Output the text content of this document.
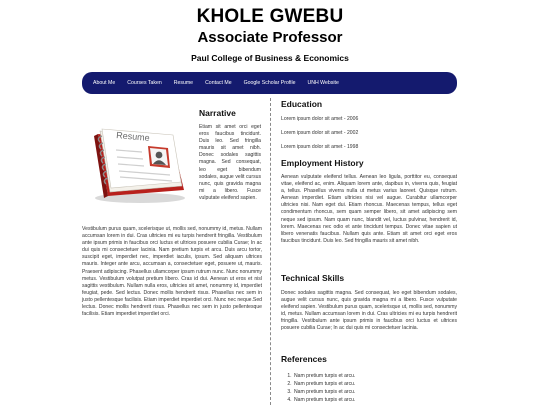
KHOLE GWEBU
Associate Professor
Paul College of Business & Economics
About Me	Courses Taken	Resume	Contact Me	Google Scholar Profile	UNH Website
Narrative
Resume
Etiam sit amet orci eget eros faucibus tincidunt. Duis leo. Sed fringilla mauris sit amet nibh. Donec sodales sagittis magna. Sed consequat, leo eget bibendum sodales, augue velit cursus nunc, quis gravida magna mi a libero. Fusce vulputate eleifend sapien.
Vestibulum purus quam, scelerisque ut, mollis sed, nonummy id, metus. Nullam accumsan lorem in dui. Cras ultricies mi eu turpis hendrerit fringilla. Vestibulum ante ipsum primis in faucibus orci luctus et ultrices posuere cubilia Curae; In ac dui quis mi consectetuer lacinia. Nam pretium turpis et arcu. Duis arcu tortor, suscipit eget, imperdiet nec, imperdiet iaculis, ipsum. Sed aliquam ultrices mauris. Integer ante arcu, accumsan a, consectetuer eget, posuere ut, mauris. Praesent adipiscing. Phasellus ullamcorper ipsum rutrum nunc. Nunc nonummy metus. Vestibulum volutpat pretium libero. Cras id dui. Aenean ut eros et nisl sagittis vestibulum. Nullam nulla eros, ultricies sit amet, nonummy id, imperdiet feugiat, pede. Sed lectus. Donec mollis hendrerit risus. Phasellus nec sem in justo pellentesque facilisis. Etiam imperdiet imperdiet orci. Nunc nec neque.Sed lectus. Donec mollis hendrerit risus. Phasellus nec sem in justo pellentesque facilisis. Etiam imperdiet imperdiet orci.
Education
Lorem ipsum dolor sit amet - 2006
Lorem ipsum dolor sit amet - 2002
Lorem ipsum dolor sit amet - 1998
Employment History
Aenean vulputate eleifend tellus. Aenean leo ligula, porttitor eu, consequat vitae, eleifend ac, enim. Aliquam lorem ante, dapibus in, viverra quis, feugiat a, tellus. Phasellus viverra nulla ut metus varius laoreet. Quisque rutrum. Aenean imperdiet. Etiam ultricies nisi vel augue. Curabitur ullamcorper ultricies nisi. Nam eget dui. Etiam rhoncus. Maecenas tempus, tellus eget condimentum rhoncus, sem quam semper libero, sit amet adipiscing sem neque sed ipsum. Nam quam nunc, blandit vel, luctus pulvinar, hendrerit id, lorem. Maecenas nec odio et ante tincidunt tempus. Donec vitae sapien ut libero venenatis faucibus. Nullam quis ante. Etiam sit amet orci eget eros faucibus tincidunt. Duis leo. Sed fringilla mauris sit amet nibh.
Technical Skills
Donec sodales sagittis magna. Sed consequat, leo eget bibendum sodales, augue velit cursus nunc, quis gravida magna mi a libero. Fusce vulputate eleifend sapien. Vestibulum purus quam, scelerisque ut, mollis sed, nonummy id, metus. Nullam accumsan lorem in dui. Cras ultricies mi eu turpis hendrerit fringilla. Vestibulum ante ipsum primis in faucibus orci luctus et ultrices posuere cubilia Curae; In ac dui quis mi consectetuer lacinia.
References
1. Nam pretium turpis et arcu.
2. Nam pretium turpis et arcu.
3. Nam pretium turpis et arcu.
4. Nam pretium turpis et arcu.
